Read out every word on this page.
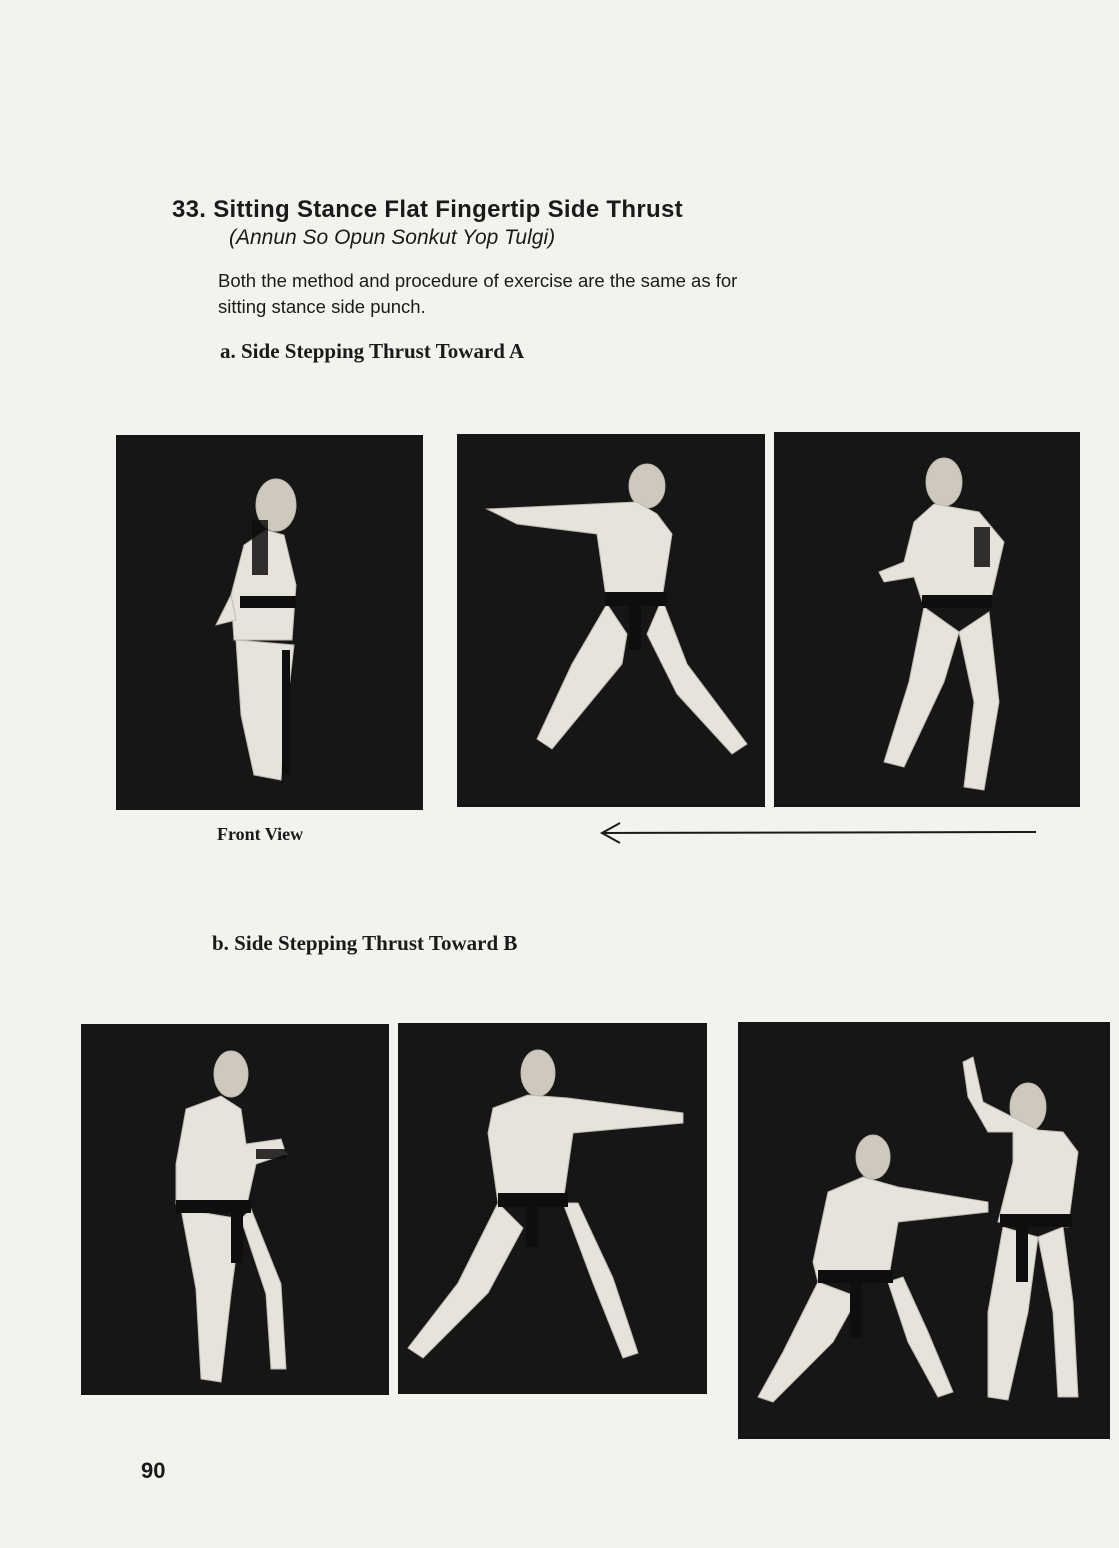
33. Sitting Stance Flat Fingertip Side Thrust
(Annun So Opun Sonkut Yop Tulgi)
Both the method and procedure of exercise are the same as for sitting stance side punch.
a. Side Stepping Thrust Toward A
Front View
b. Side Stepping Thrust Toward B
90
